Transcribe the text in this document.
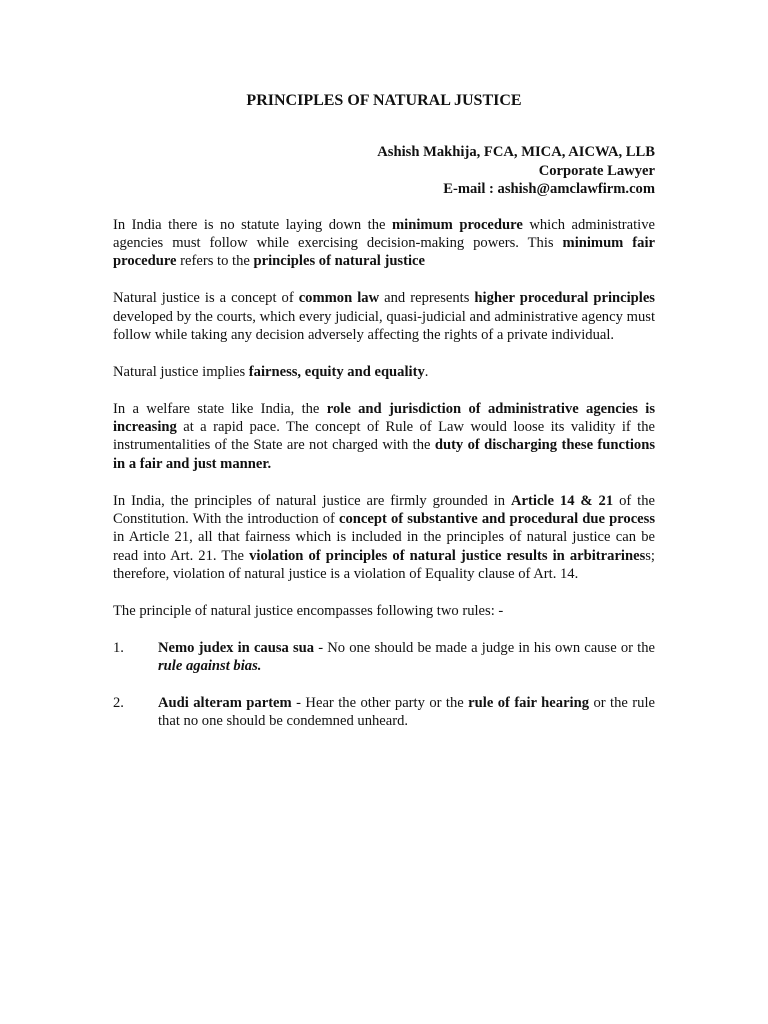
PRINCIPLES OF NATURAL JUSTICE
Ashish Makhija, FCA, MICA, AICWA, LLB
Corporate Lawyer
E-mail : ashish@amclawfirm.com

In India there is no statute laying down the minimum procedure which administrative agencies must follow while exercising decision-making powers. This minimum fair procedure refers to the principles of natural justice

Natural justice is a concept of common law and represents higher procedural principles developed by the courts, which every judicial, quasi-judicial and administrative agency must follow while taking any decision adversely affecting the rights of a private individual.

Natural justice implies fairness, equity and equality.

In a welfare state like India, the role and jurisdiction of administrative agencies is increasing at a rapid pace. The concept of Rule of Law would loose its validity if the instrumentalities of the State are not charged with the duty of discharging these functions in a fair and just manner.

In India, the principles of natural justice are firmly grounded in Article 14 & 21 of the Constitution. With the introduction of concept of substantive and procedural due process in Article 21, all that fairness which is included in the principles of natural justice can be read into Art. 21. The violation of principles of natural justice results in arbitrariness; therefore, violation of natural justice is a violation of Equality clause of Art. 14.

The principle of natural justice encompasses following two rules: -

1. Nemo judex in causa sua - No one should be made a judge in his own cause or the rule against bias.
2. Audi alteram partem - Hear the other party or the rule of fair hearing or the rule that no one should be condemned unheard.
